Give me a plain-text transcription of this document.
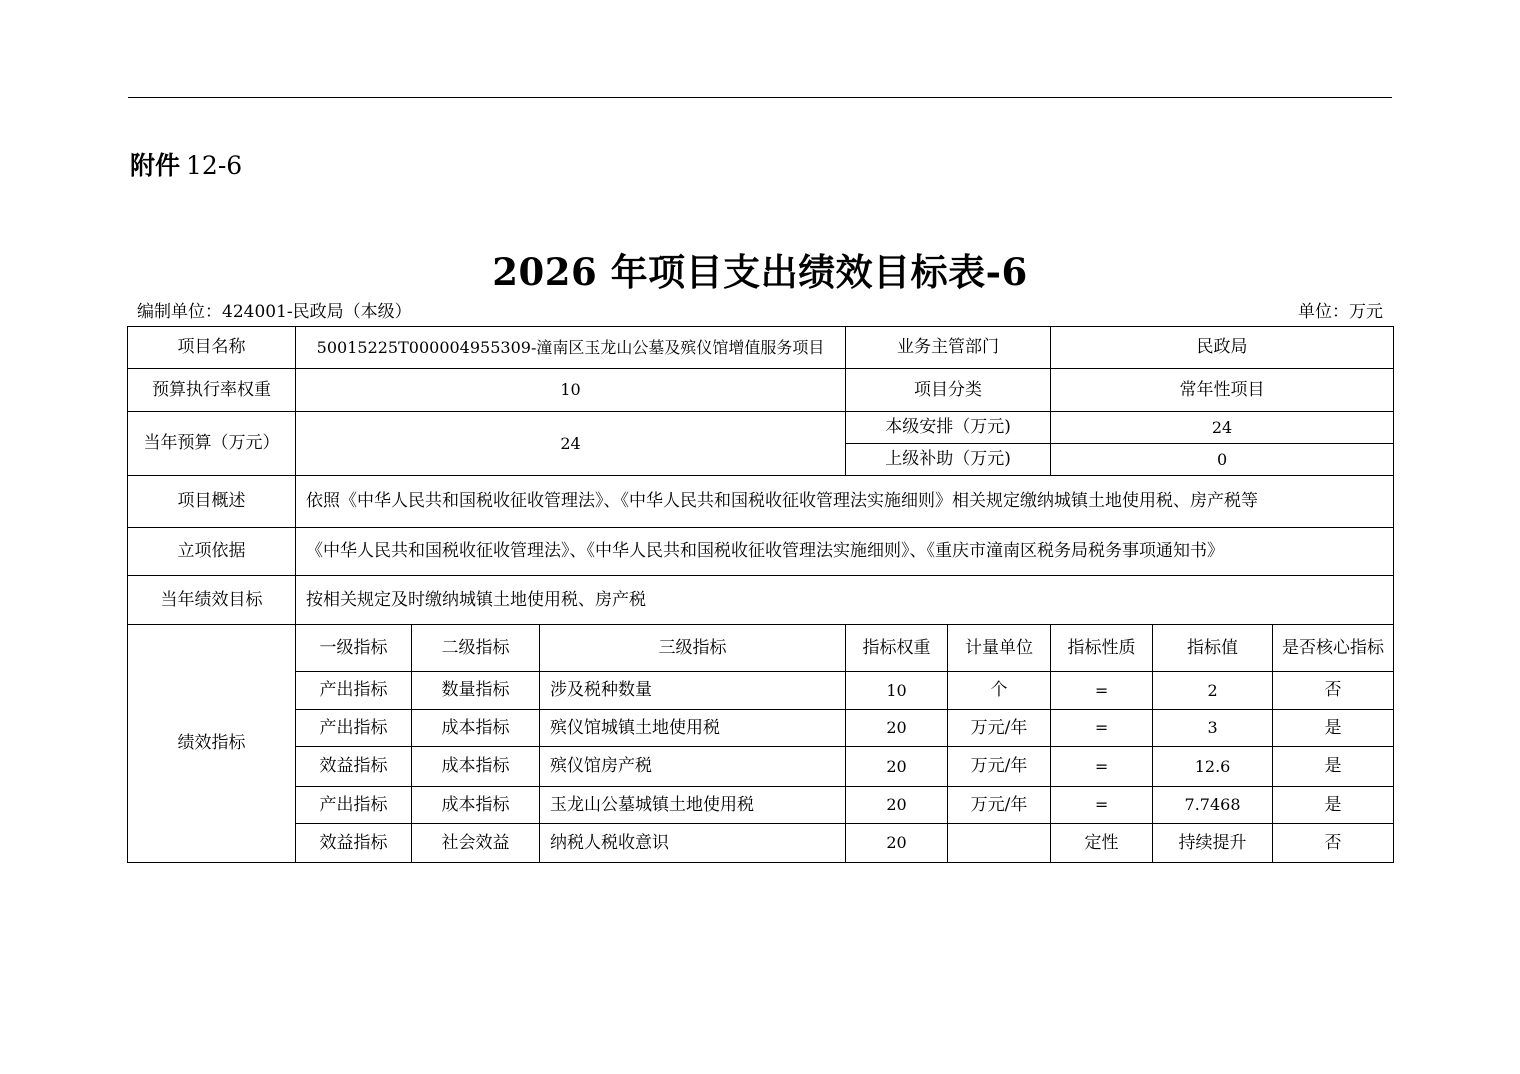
附件 12-6
2026 年项目支出绩效目标表-6
编制单位：424001-民政局（本级）	单位：万元
项目名称	50015225T000004955309-潼南区玉龙山公墓及殡仪馆增值服务项目			业务主管部门		民政局		
预算执行率权重	10			项目分类		常年性项目		
当年预算（万元）	24			本级安排（万元)		24		
				上级补助（万元)		0		
项目概述	依照《中华人民共和国税收征收管理法》、《中华人民共和国税收征收管理法实施细则》相关规定缴纳城镇土地使用税、房产税等							
立项依据	《中华人民共和国税收征收管理法》、《中华人民共和国税收征收管理法实施细则》、《重庆市潼南区税务局税务事项通知书》							
当年绩效目标	按相关规定及时缴纳城镇土地使用税、房产税							
绩效指标	一级指标	二级指标	三级指标	指标权重	计量单位	指标性质	指标值	是否核心指标
	产出指标	数量指标	涉及税种数量	10	个	=	2	否
	产出指标	成本指标	殡仪馆城镇土地使用税	20	万元/年	=	3	是
	效益指标	成本指标	殡仪馆房产税	20	万元/年	=	12.6	是
	产出指标	成本指标	玉龙山公墓城镇土地使用税	20	万元/年	=	7.7468	是
	效益指标	社会效益	纳税人税收意识	20		定性	持续提升	否
